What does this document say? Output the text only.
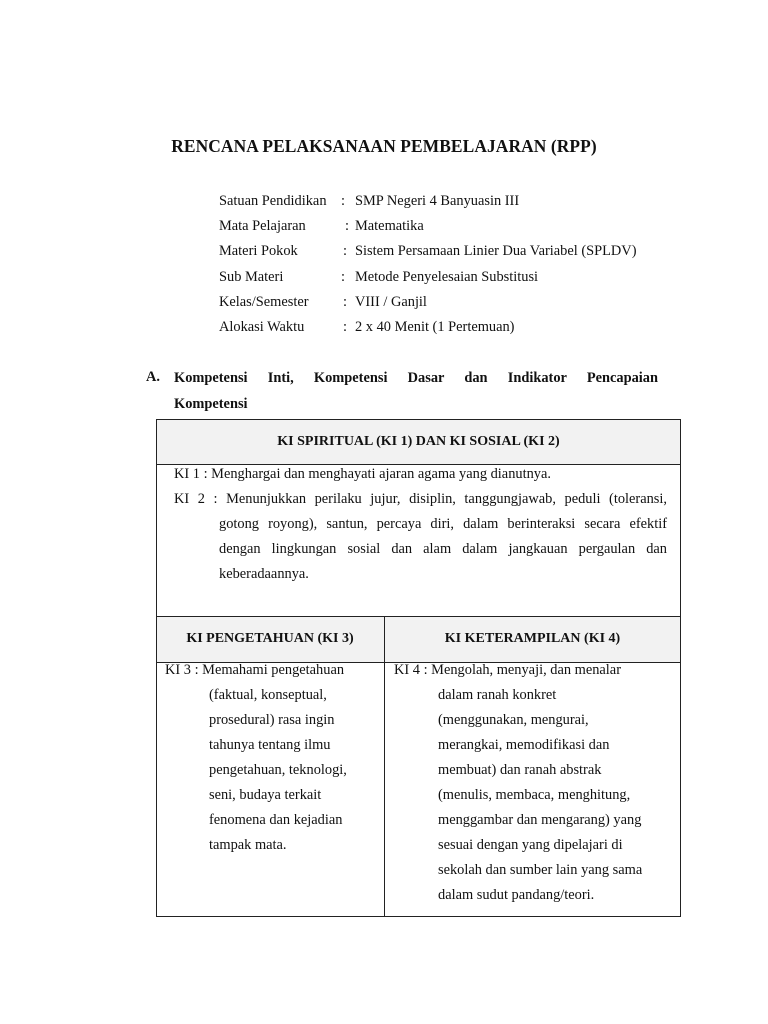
RENCANA PELAKSANAAN PEMBELAJARAN (RPP)
Satuan Pendidikan : SMP Negeri 4 Banyuasin III
Mata Pelajaran	: Matematika
Materi Pokok	: Sistem Persamaan Linier Dua Variabel (SPLDV)
Sub Materi	: Metode Penyelesaian Substitusi
Kelas/Semester : VIII / Ganjil
Alokasi Waktu	: 2 x 40 Menit (1 Pertemuan)
A. Kompetensi Inti, Kompetensi Dasar dan Indikator Pencapaian
Kompetensi
KI SPIRITUAL (KI 1) DAN KI SOSIAL (KI 2)
KI 1 : Menghargai dan menghayati ajaran agama yang dianutnya.
KI 2 : Menunjukkan perilaku jujur, disiplin, tanggungjawab, peduli (toleransi,
gotong royong), santun, percaya diri, dalam berinteraksi secara efektif
dengan lingkungan sosial dan alam dalam jangkauan pergaulan dan
keberadaannya.
KI PENGETAHUAN (KI 3)	KI KETERAMPILAN (KI 4)
KI 3 : Memahami pengetahuan
(faktual, konseptual,
prosedural) rasa ingin
tahunya tentang ilmu
pengetahuan, teknologi,
seni, budaya terkait
fenomena dan kejadian
tampak mata.
KI 4 : Mengolah, menyaji, dan menalar
dalam ranah konkret
(menggunakan, mengurai,
merangkai, memodifikasi dan
membuat) dan ranah abstrak
(menulis, membaca, menghitung,
menggambar dan mengarang) yang
sesuai dengan yang dipelajari di
sekolah dan sumber lain yang sama
dalam sudut pandang/teori.
